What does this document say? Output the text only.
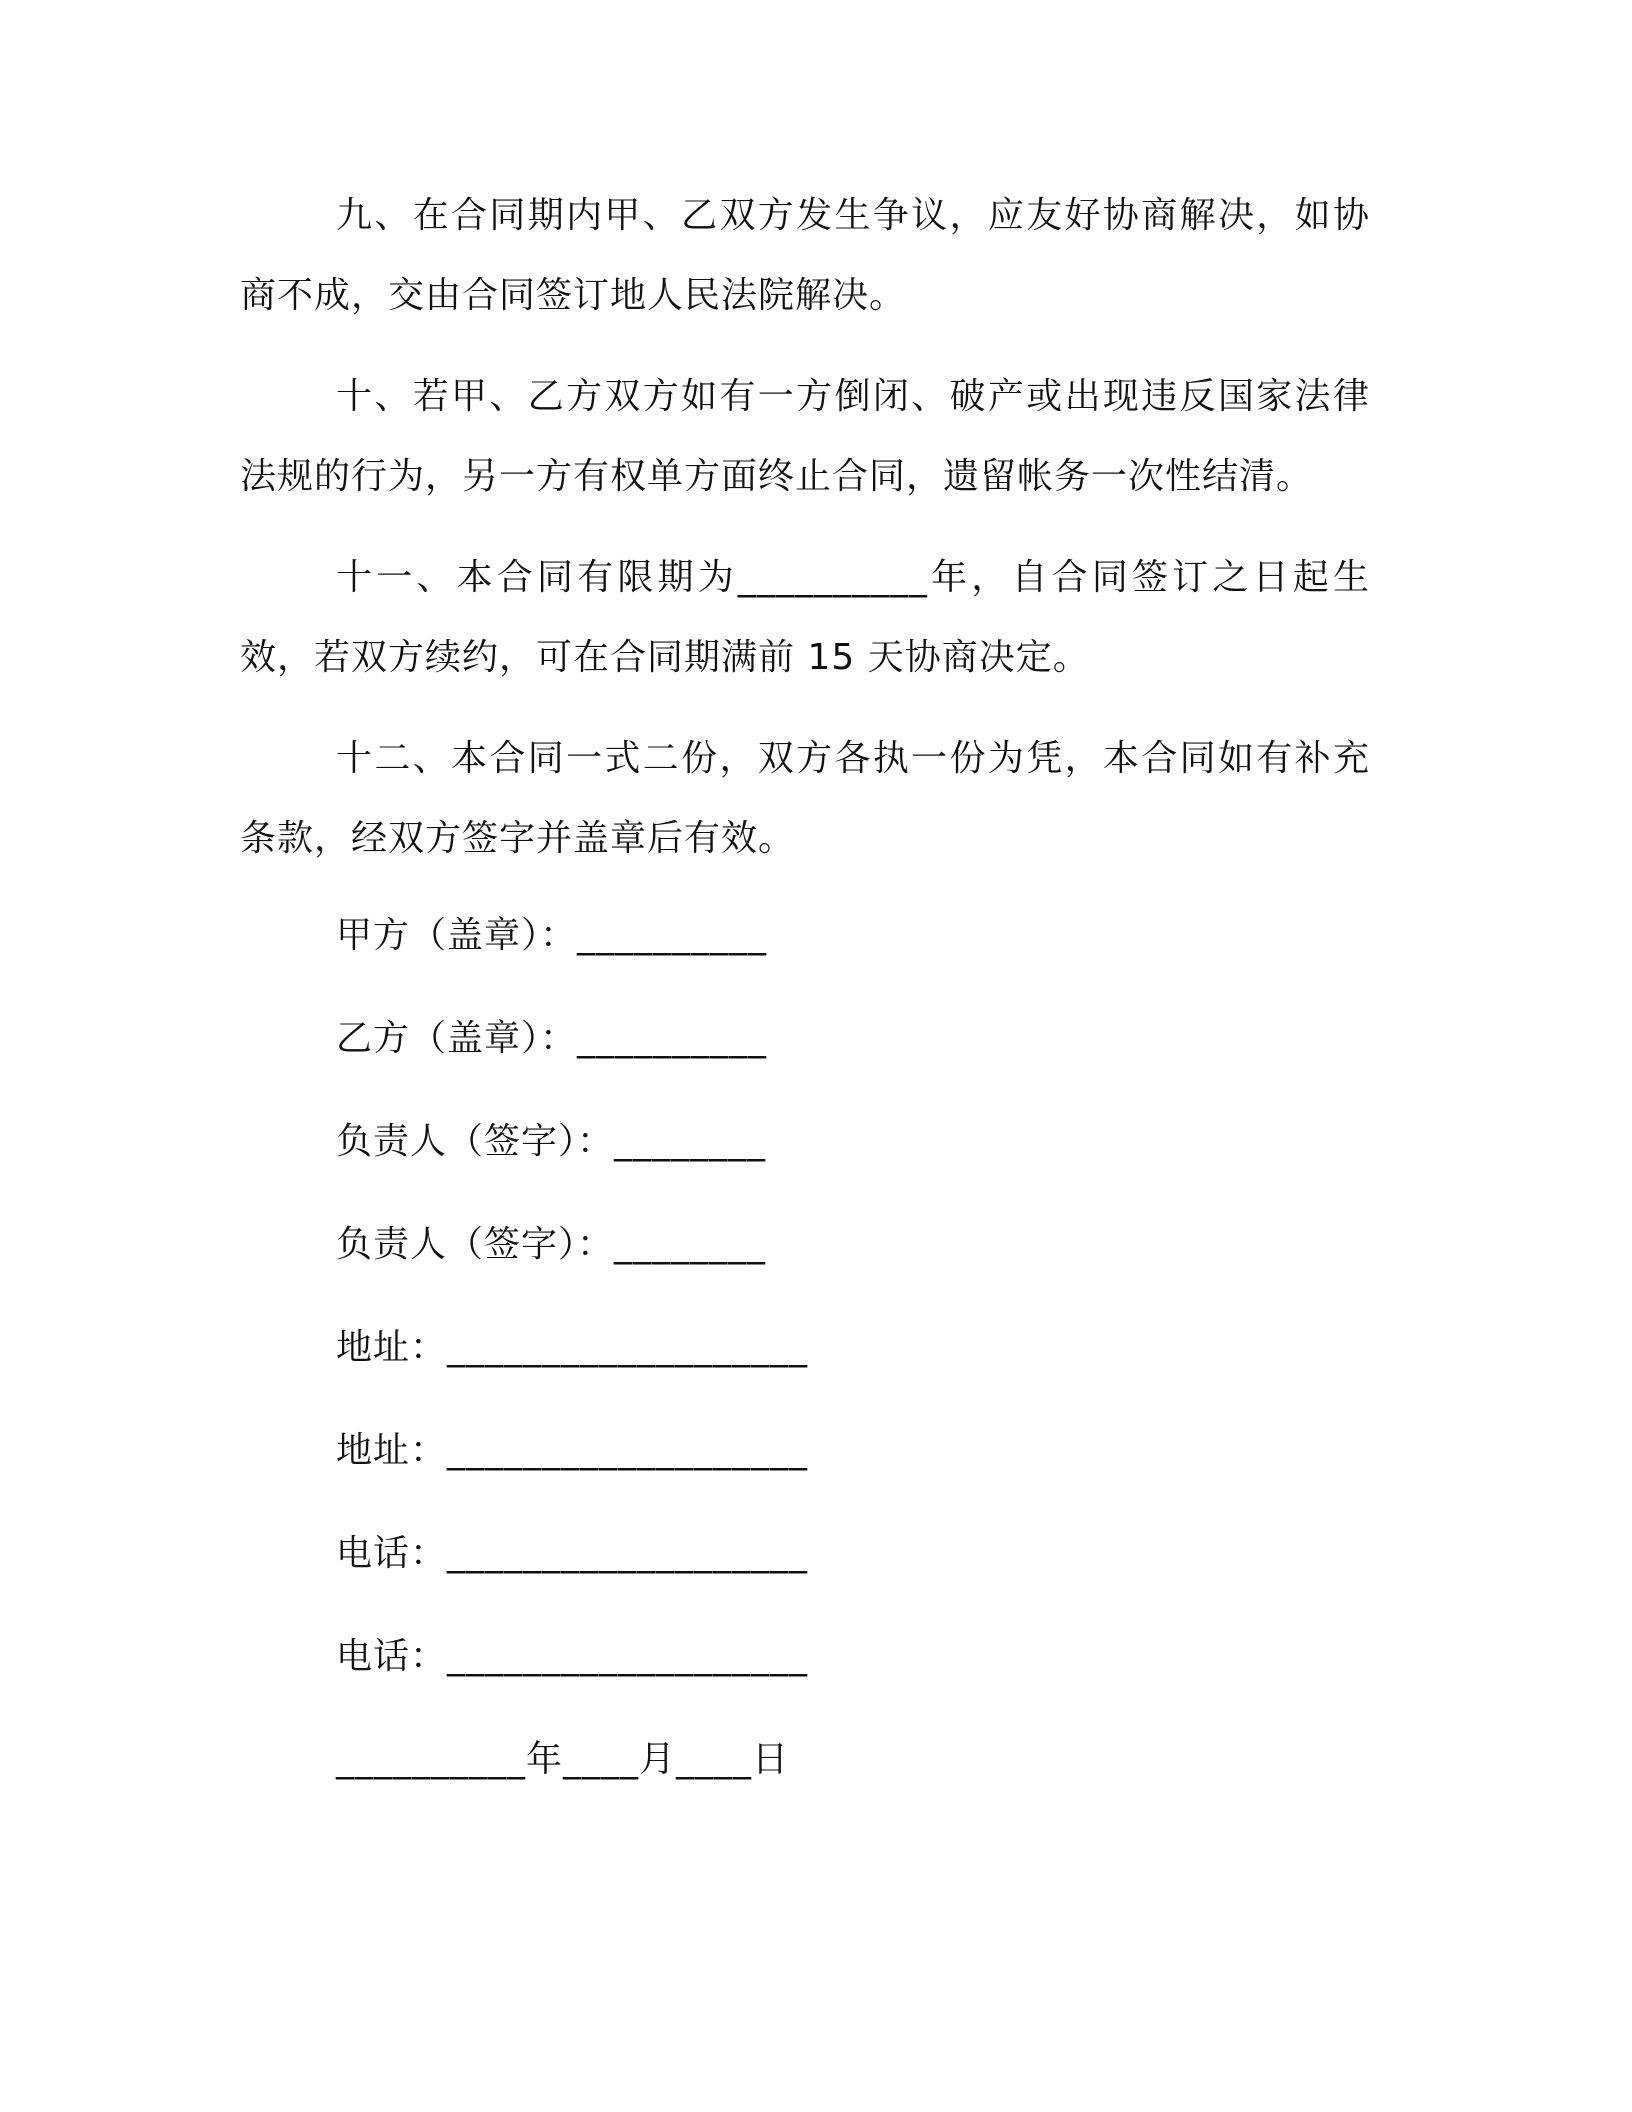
九、在合同期内甲、乙双方发生争议，应友好协商解决，如协商不成，交由合同签订地人民法院解决。

十、若甲、乙方双方如有一方倒闭、破产或出现违反国家法律法规的行为，另一方有权单方面终止合同，遗留帐务一次性结清。

十一、本合同有限期为__________年，自合同签订之日起生效，若双方续约，可在合同期满前 15 天协商决定。

十二、本合同一式二份，双方各执一份为凭，本合同如有补充条款，经双方签字并盖章后有效。

甲方（盖章）：__________
乙方（盖章）：__________
负责人（签字）：________
负责人（签字）：________
地址：___________________
地址：___________________
电话：___________________
电话：___________________
__________年____月____日
